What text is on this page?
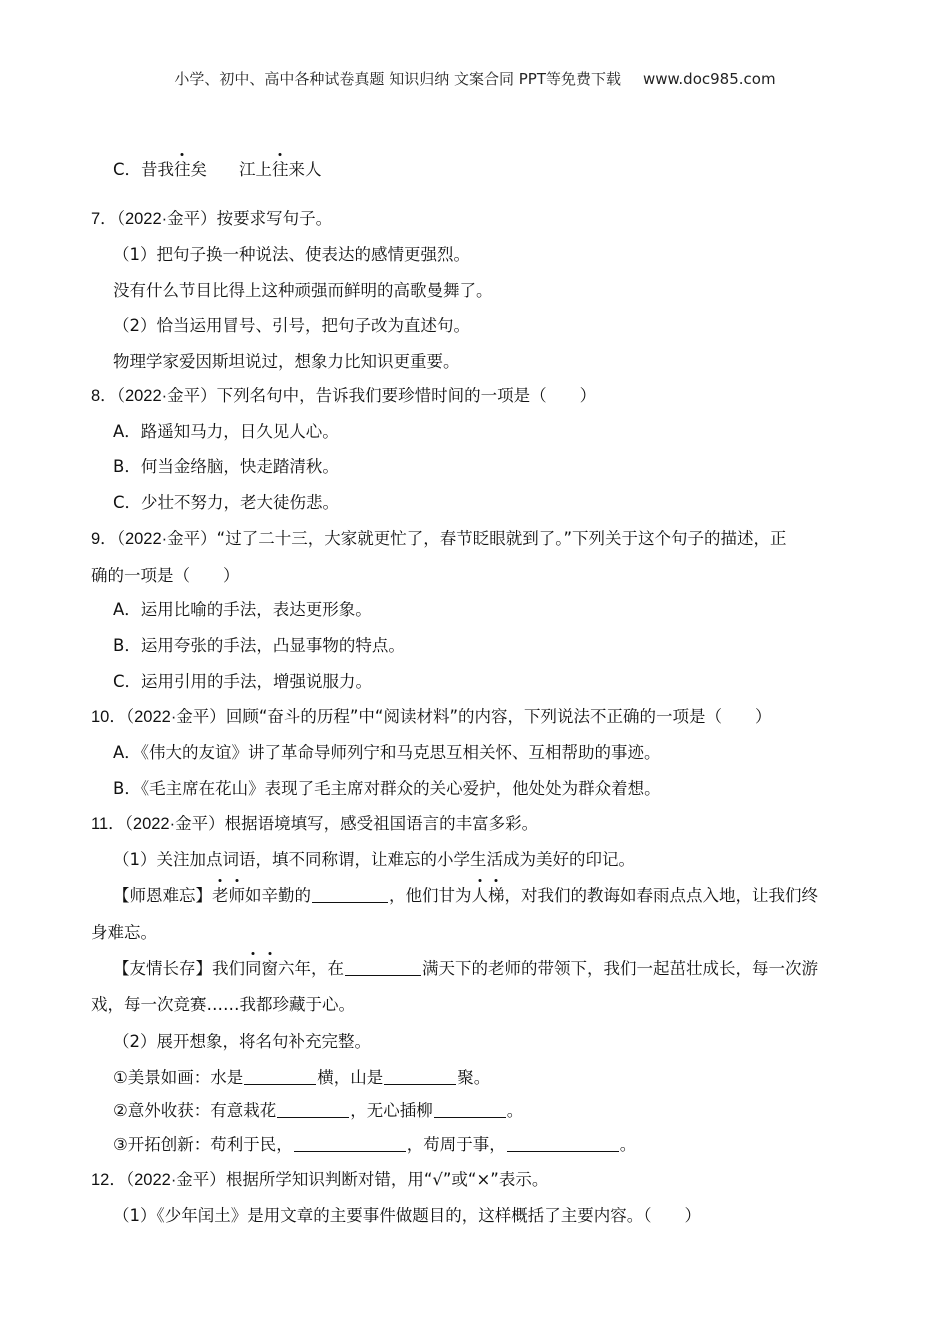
小学、初中、高中各种试卷真题 知识归纳 文案合同 PPT等免费下载 www.doc985.com
C．昔我往矣 江上往来人
7．（2022·金平）按要求写句子。
（1）把句子换一种说法、使表达的感情更强烈。
没有什么节目比得上这种顽强而鲜明的高歌曼舞了。
（2）恰当运用冒号、引号，把句子改为直述句。
物理学家爱因斯坦说过，想象力比知识更重要。
8．（2022·金平）下列名句中，告诉我们要珍惜时间的一项是（　　）
A．路遥知马力，日久见人心。
B．何当金络脑，快走踏清秋。
C．少壮不努力，老大徒伤悲。
9．（2022·金平）“过了二十三，大家就更忙了，春节眨眼就到了。”下列关于这个句子的描述，正
确的一项是（　　）
A．运用比喻的手法，表达更形象。
B．运用夸张的手法，凸显事物的特点。
C．运用引用的手法，增强说服力。
10．（2022·金平）回顾“奋斗的历程”中“阅读材料”的内容，下列说法不正确的一项是（　　）
A．《伟大的友谊》讲了革命导师列宁和马克思互相关怀、互相帮助的事迹。
B．《毛主席在花山》表现了毛主席对群众的关心爱护，他处处为群众着想。
11．（2022·金平）根据语境填写，感受祖国语言的丰富多彩。
（1）关注加点词语，填不同称谓，让难忘的小学生活成为美好的印记。
【师恩难忘】老师如辛勤的	，他们甘为人梯，对我们的教诲如春雨点点入地，让我们终
身难忘。
【友情长存】我们同窗六年，在	满天下的老师的带领下，我们一起茁壮成长，每一次游
戏，每一次竞赛……我都珍藏于心。
（2）展开想象，将名句补充完整。
①美景如画：水是	横，山是	聚。
②意外收获：有意栽花	，无心插柳	。
③开拓创新：苟利于民，	，苟周于事，	。
12．（2022·金平）根据所学知识判断对错，用“√”或“×”表示。
（1）《少年闰土》是用文章的主要事件做题目的，这样概括了主要内容。（　　）
